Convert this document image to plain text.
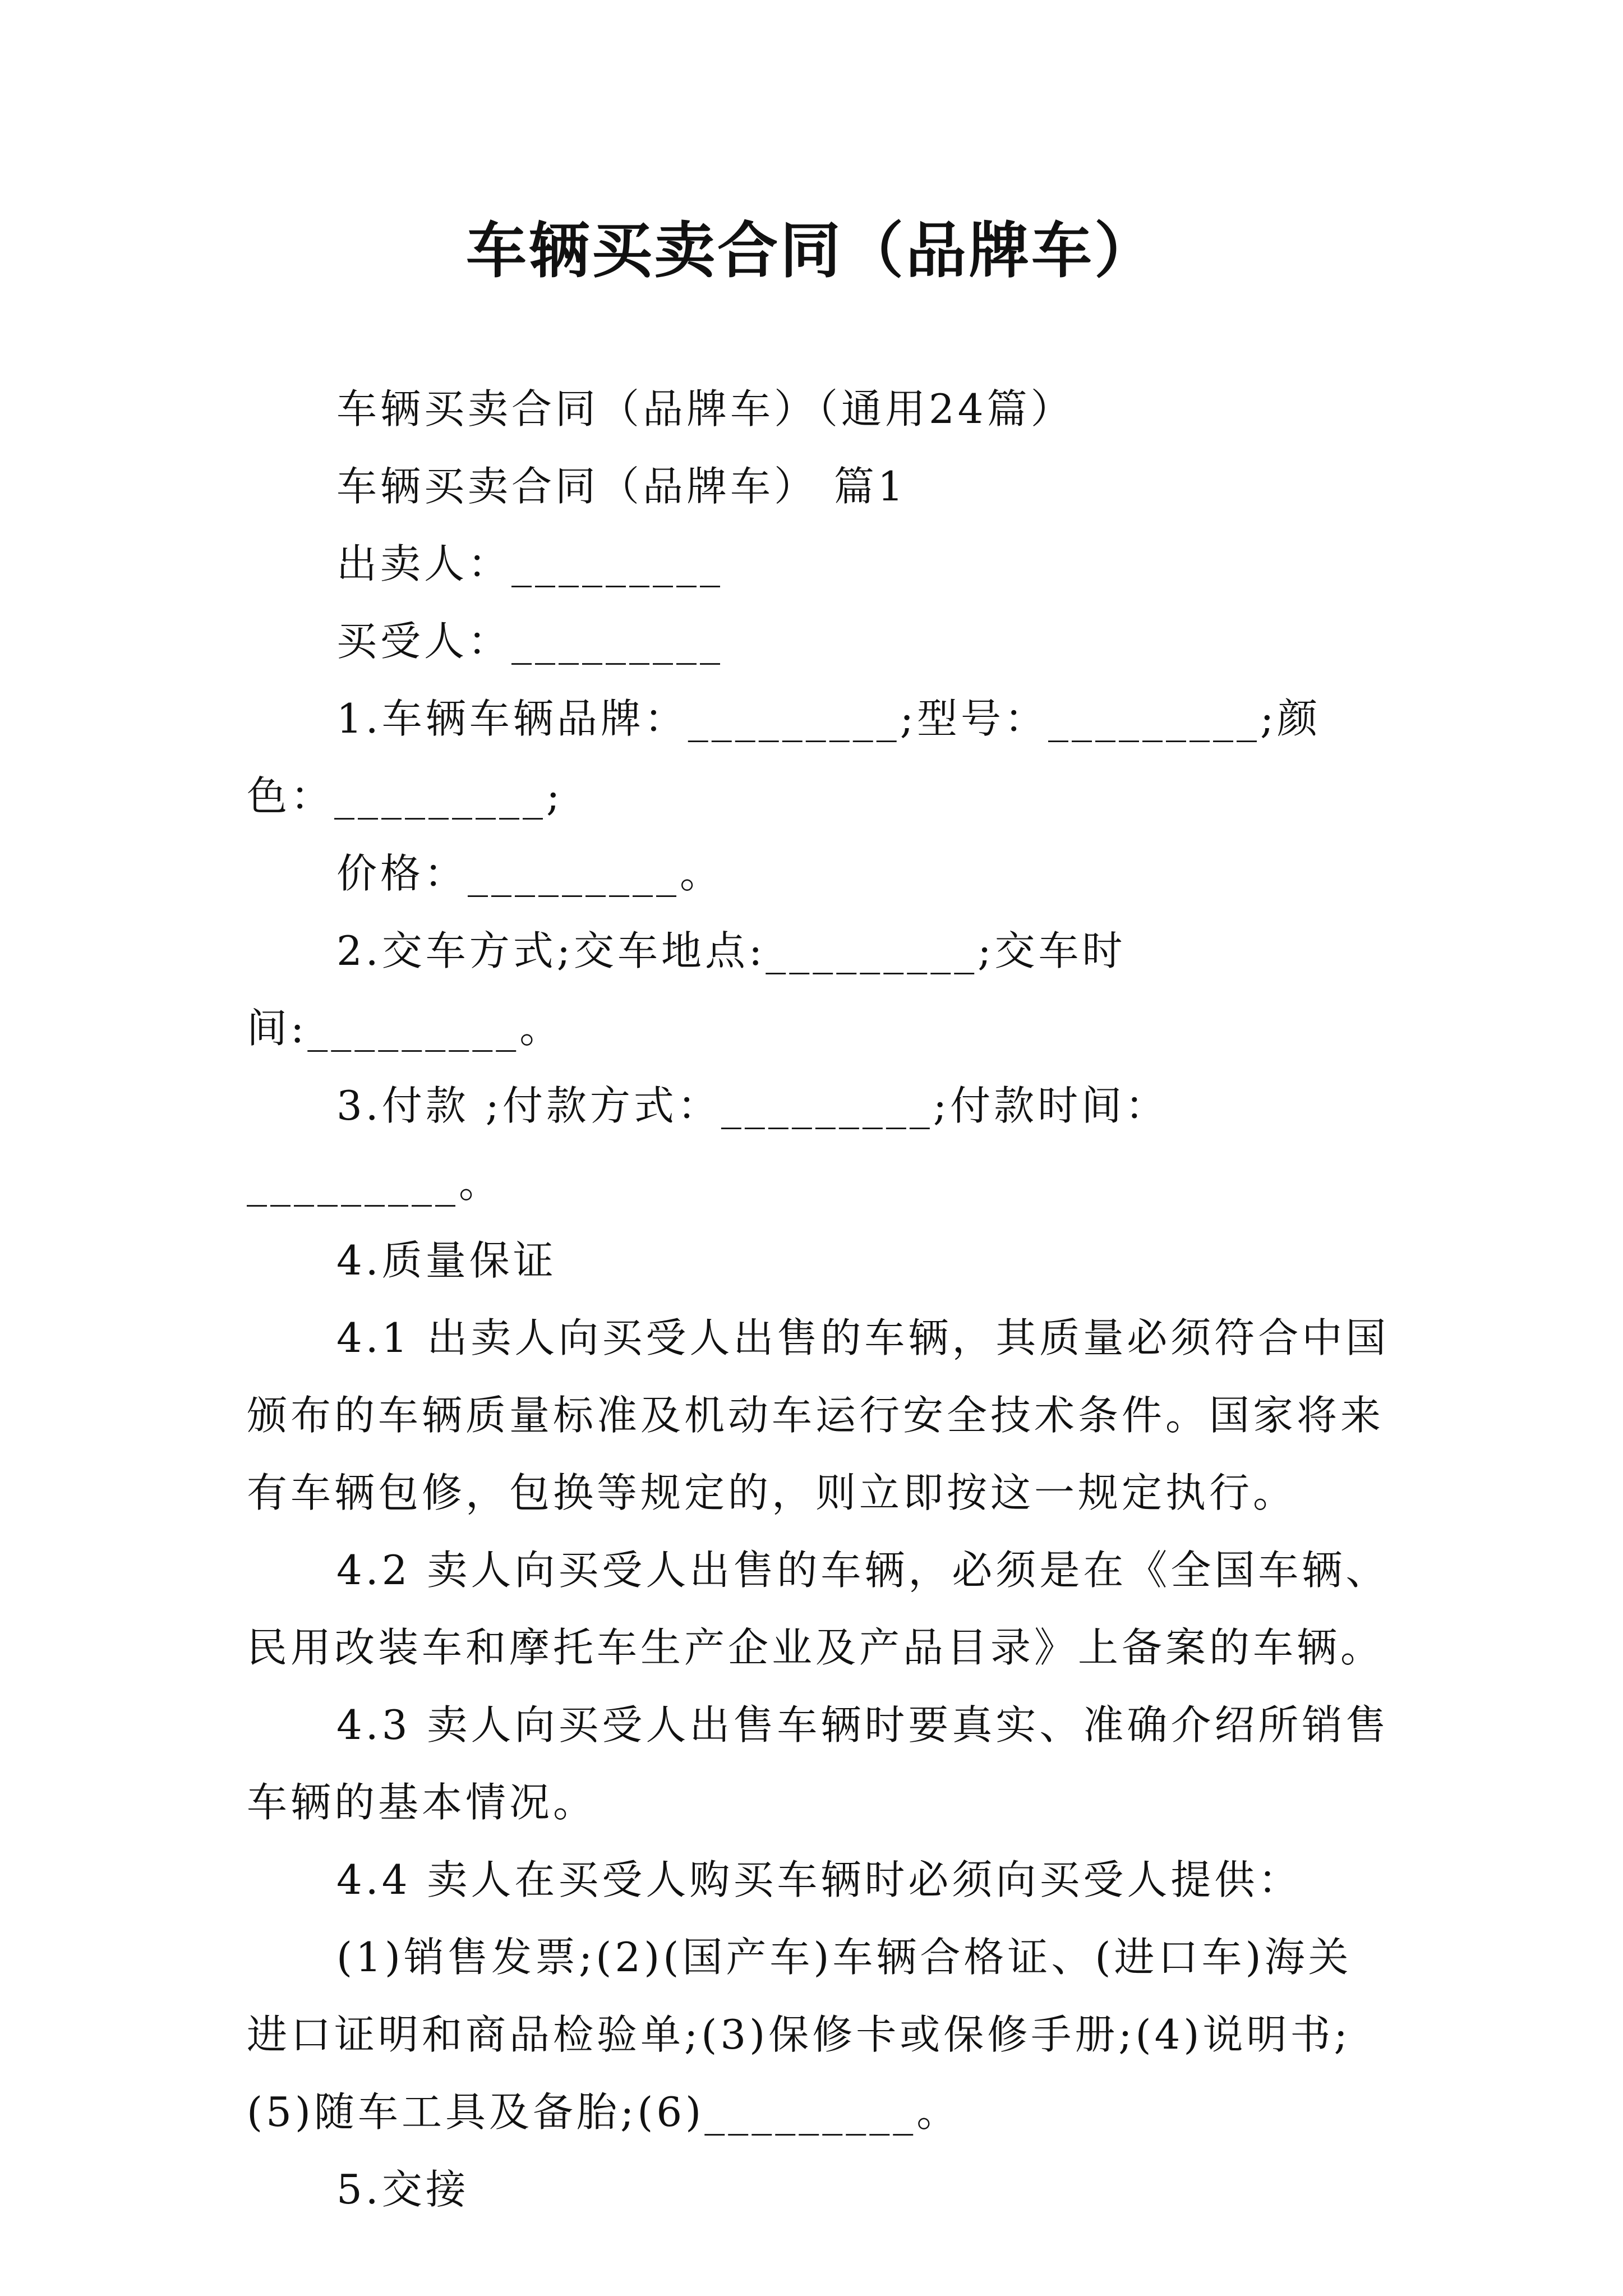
车辆买卖合同（品牌车）

车辆买卖合同（品牌车）（通用24篇）

车辆买卖合同（品牌车） 篇1

出卖人：_________

买受人：_________

1.车辆车辆品牌：_________;型号：_________;颜色：_________;

价格：_________。

2.交车方式;交车地点:_________;交车时间:_________。

3.付款 ;付款方式：_________;付款时间：_________。

4.质量保证

4.1 出卖人向买受人出售的车辆，其质量必须符合中国颁布的车辆质量标准及机动车运行安全技术条件。国家将来有车辆包修，包换等规定的，则立即按这一规定执行。

4.2 卖人向买受人出售的车辆，必须是在《全国车辆、民用改装车和摩托车生产企业及产品目录》上备案的车辆。

4.3 卖人向买受人出售车辆时要真实、准确介绍所销售车辆的基本情况。

4.4 卖人在买受人购买车辆时必须向买受人提供：

(1)销售发票;(2)(国产车)车辆合格证、(进口车)海关进口证明和商品检验单;(3)保修卡或保修手册;(4)说明书;(5)随车工具及备胎;(6)_________。

5.交接
